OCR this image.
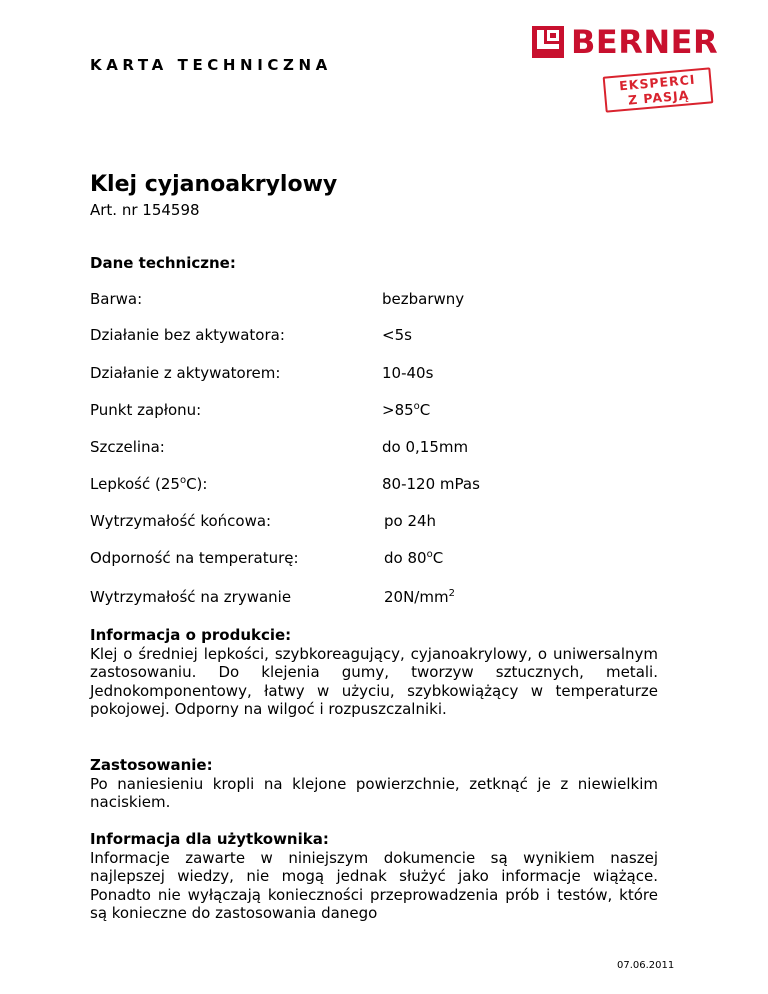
KARTA TECHNICZNA
BERNER
EKSPERCI
Z PASJĄ
Klej cyjanoakrylowy
Art. nr 154598
Dane techniczne:
Barwa:	bezbarwny
Działanie bez aktywatora:	<5s
Działanie z aktywatorem:	10-40s
Punkt zapłonu:	$>85^oC$
Szczelina:	do 0,15mm
Lepkość (25$^o$C):	80-120 mPas
Wytrzymałość końcowa:	po 24h
Odporność na temperaturę:	do 80$^o$C
Wytrzymałość na zrywanie	$20N/mm^2$
Informacja o produkcie:
Klej o średniej lepkości, szybkoreagujący, cyjanoakrylowy, o uniwersalnym zastosowaniu. Do klejenia gumy, tworzyw sztucznych, metali. Jednokomponentowy, łatwy w użyciu, szybkowiążący w temperaturze pokojowej. Odporny na wilgoć i rozpuszczalniki.
Zastosowanie:
Po naniesieniu kropli na klejone powierzchnie, zetknąć je z niewielkim naciskiem.
Informacja dla użytkownika:
Informacje zawarte w niniejszym dokumencie są wynikiem naszej najlepszej wiedzy, nie mogą jednak służyć jako informacje wiążące. Ponadto nie wyłączają konieczności przeprowadzenia prób i testów, które są konieczne do zastosowania danego
07.06.2011
